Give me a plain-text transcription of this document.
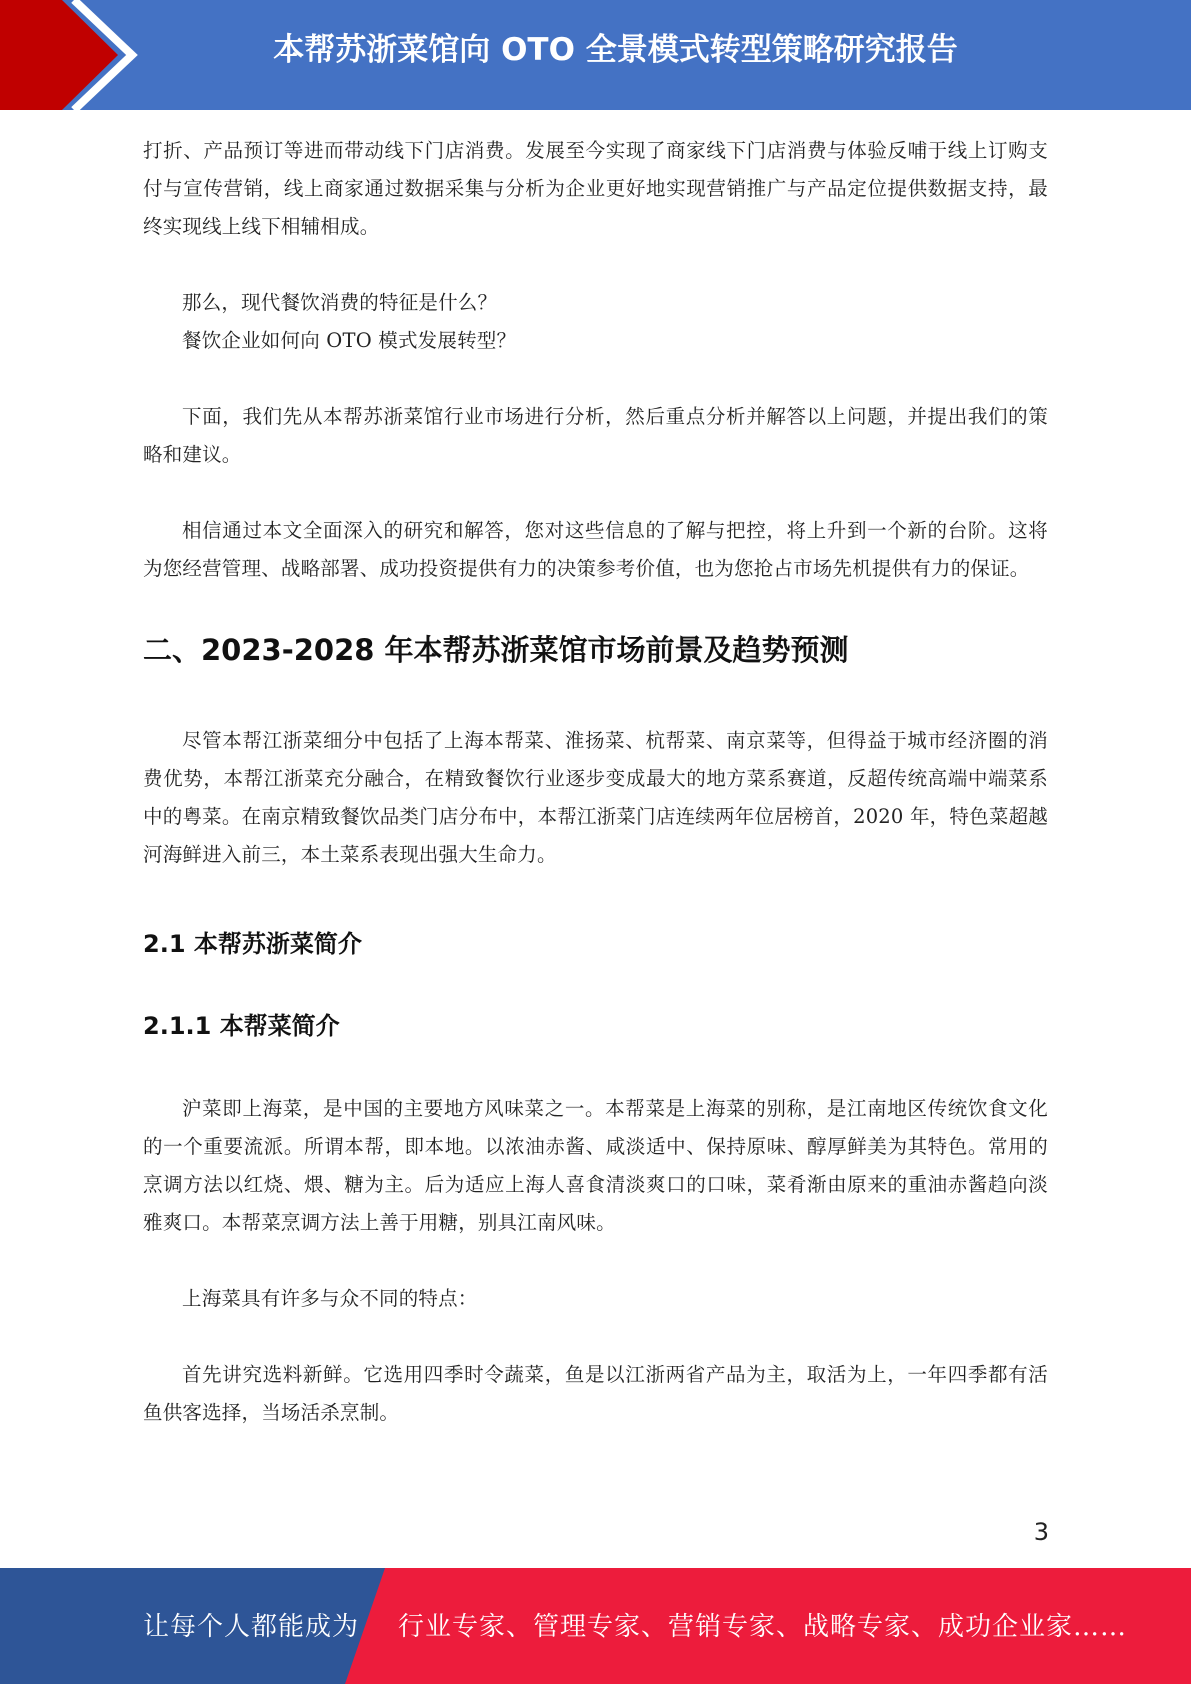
本帮苏浙菜馆向 OTO 全景模式转型策略研究报告

打折、产品预订等进而带动线下门店消费。发展至今实现了商家线下门店消费与体验反哺于线上订购支付与宣传营销，线上商家通过数据采集与分析为企业更好地实现营销推广与产品定位提供数据支持，最终实现线上线下相辅相成。

那么，现代餐饮消费的特征是什么？

餐饮企业如何向 OTO 模式发展转型？

下面，我们先从本帮苏浙菜馆行业市场进行分析，然后重点分析并解答以上问题，并提出我们的策略和建议。

相信通过本文全面深入的研究和解答，您对这些信息的了解与把控，将上升到一个新的台阶。这将为您经营管理、战略部署、成功投资提供有力的决策参考价值，也为您抢占市场先机提供有力的保证。

二、2023-2028 年本帮苏浙菜馆市场前景及趋势预测

尽管本帮江浙菜细分中包括了上海本帮菜、淮扬菜、杭帮菜、南京菜等，但得益于城市经济圈的消费优势，本帮江浙菜充分融合，在精致餐饮行业逐步变成最大的地方菜系赛道，反超传统高端中端菜系中的粤菜。在南京精致餐饮品类门店分布中，本帮江浙菜门店连续两年位居榜首，2020 年，特色菜超越河海鲜进入前三，本土菜系表现出强大生命力。

2.1 本帮苏浙菜简介
2.1.1 本帮菜简介

沪菜即上海菜，是中国的主要地方风味菜之一。本帮菜是上海菜的别称，是江南地区传统饮食文化的一个重要流派。所谓本帮，即本地。以浓油赤酱、咸淡适中、保持原味、醇厚鲜美为其特色。常用的烹调方法以红烧、煨、糖为主。后为适应上海人喜食清淡爽口的口味，菜肴渐由原来的重油赤酱趋向淡雅爽口。本帮菜烹调方法上善于用糖，别具江南风味。

上海菜具有许多与众不同的特点：

首先讲究选料新鲜。它选用四季时令蔬菜，鱼是以江浙两省产品为主，取活为上，一年四季都有活鱼供客选择，当场活杀烹制。

3
让每个人都能成为 行业专家、管理专家、营销专家、战略专家、成功企业家……
